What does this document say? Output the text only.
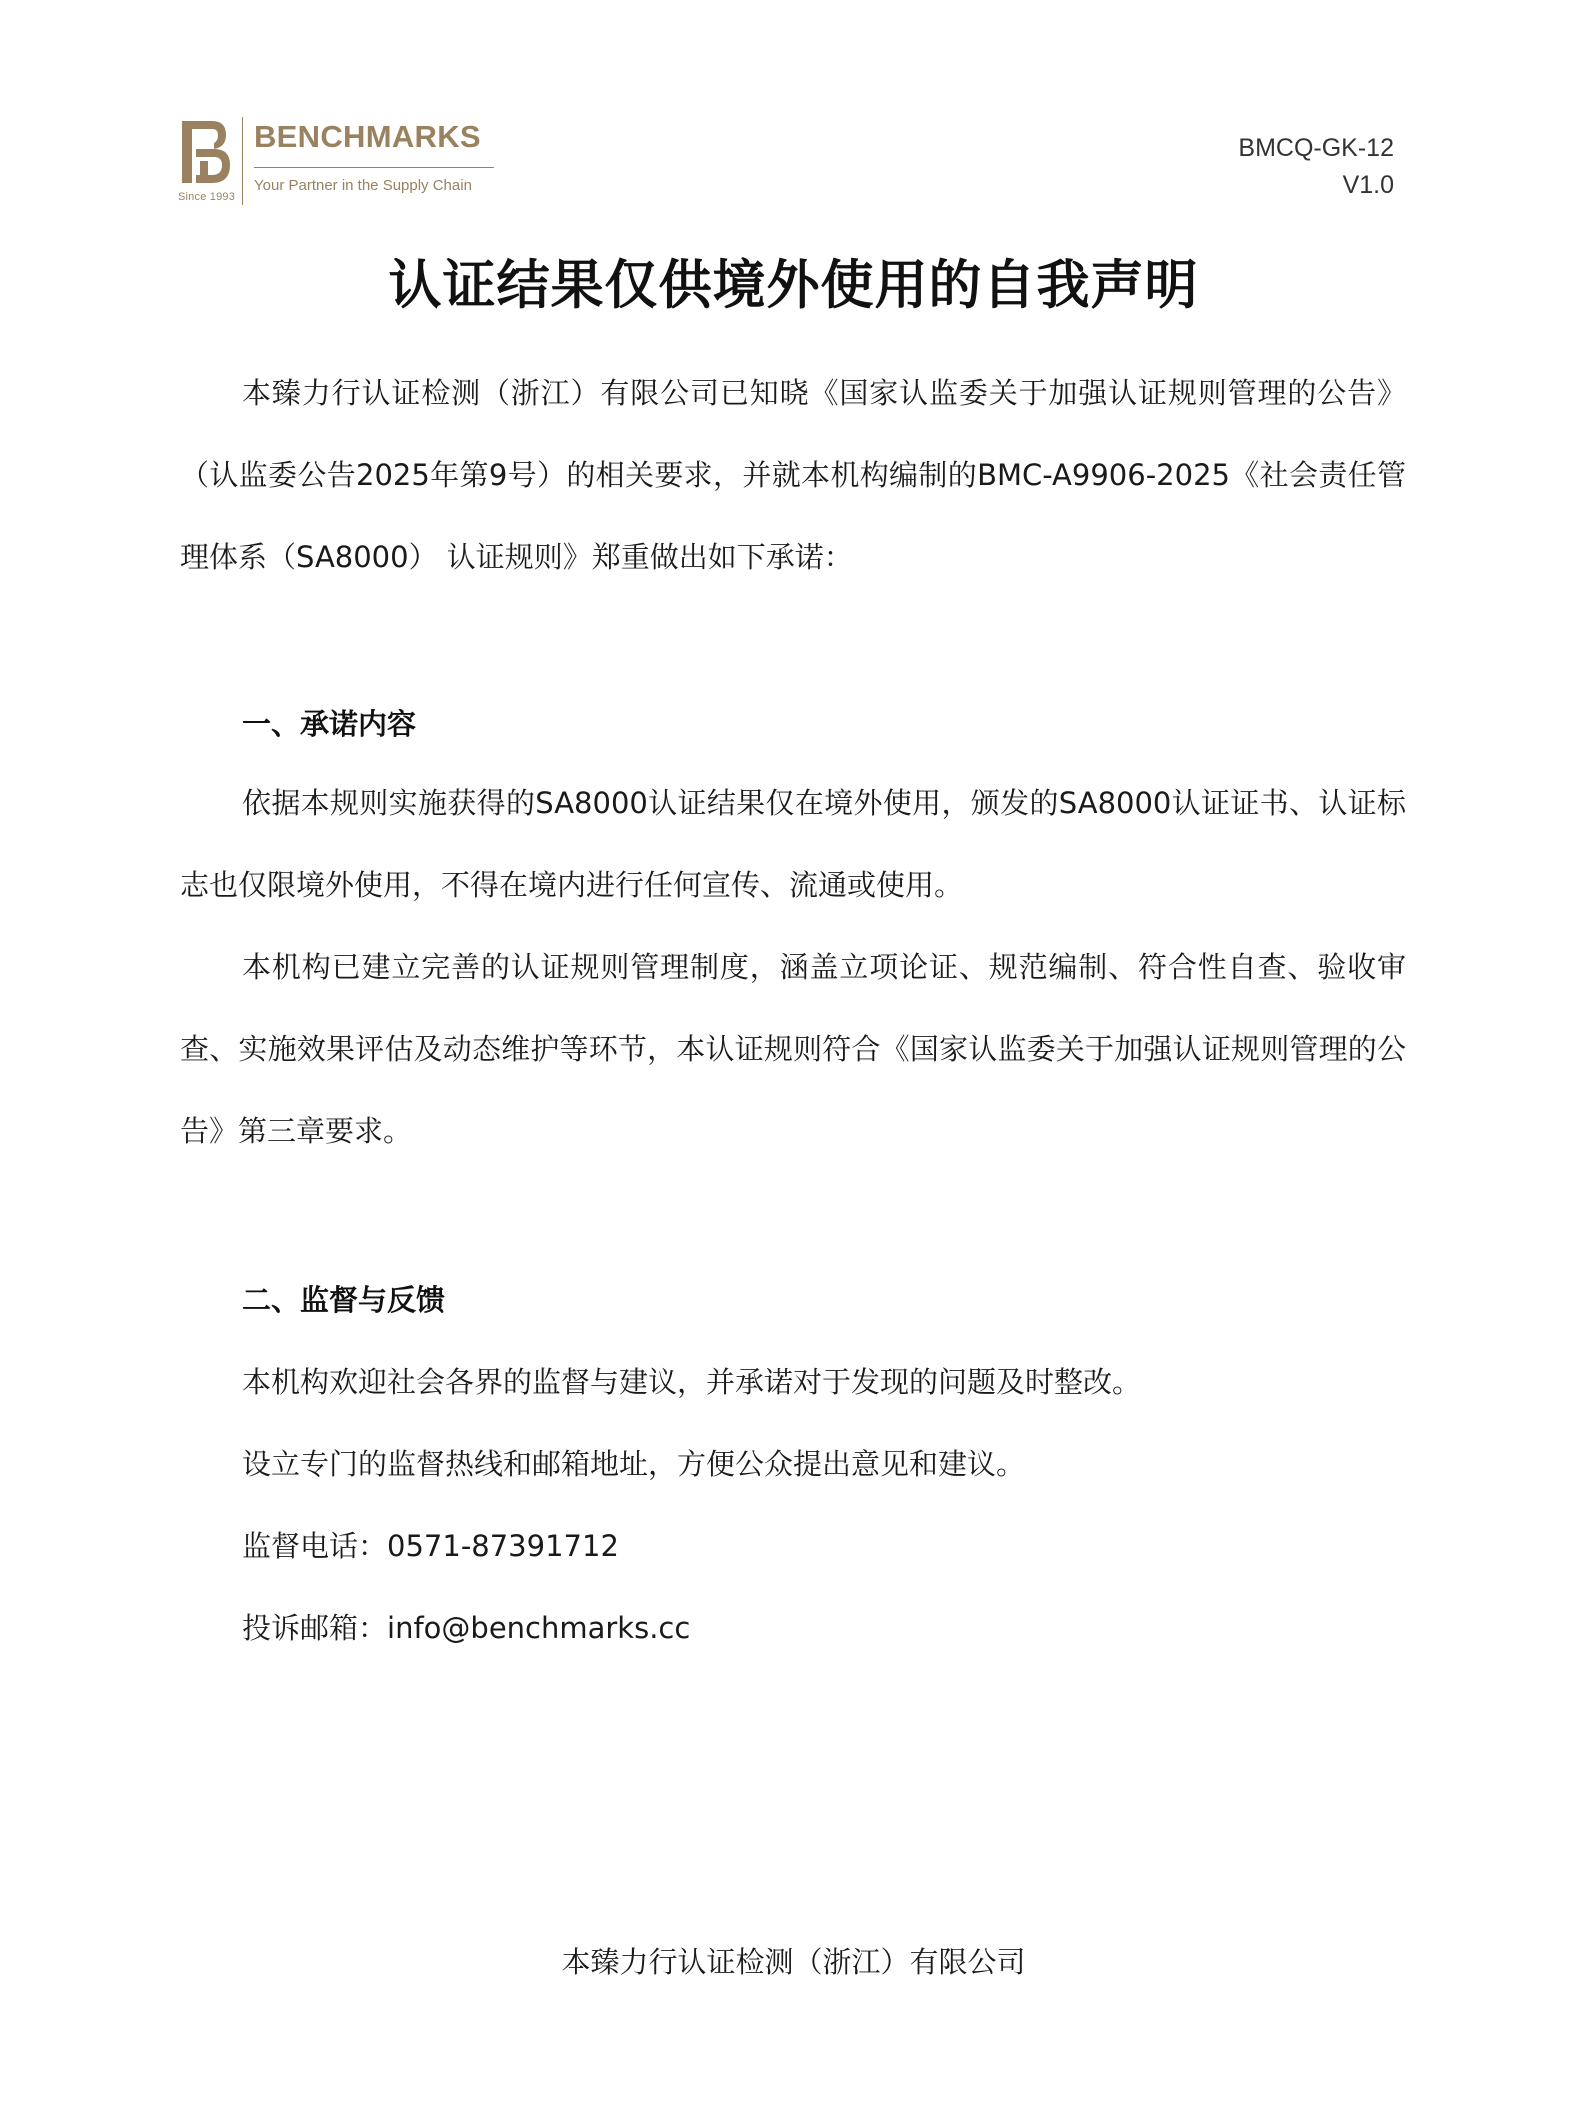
Since 1993
BENCHMARKS
Your Partner in the Supply Chain
BMCQ-GK-12
V1.0
认证结果仅供境外使用的自我声明
本臻力行认证检测（浙江）有限公司已知晓《国家认监委关于加强认证规则管理的公告》（认监委公告2025年第9号）的相关要求，并就本机构编制的BMC-A9906-2025《社会责任管理体系（SA8000） 认证规则》郑重做出如下承诺：
一、承诺内容
依据本规则实施获得的SA8000认证结果仅在境外使用，颁发的SA8000认证证书、认证标志也仅限境外使用，不得在境内进行任何宣传、流通或使用。
本机构已建立完善的认证规则管理制度，涵盖立项论证、规范编制、符合性自查、验收审查、实施效果评估及动态维护等环节，本认证规则符合《国家认监委关于加强认证规则管理的公告》第三章要求。
二、监督与反馈
本机构欢迎社会各界的监督与建议，并承诺对于发现的问题及时整改。
设立专门的监督热线和邮箱地址，方便公众提出意见和建议。
监督电话：0571-87391712
投诉邮箱：info@benchmarks.cc
本臻力行认证检测（浙江）有限公司
